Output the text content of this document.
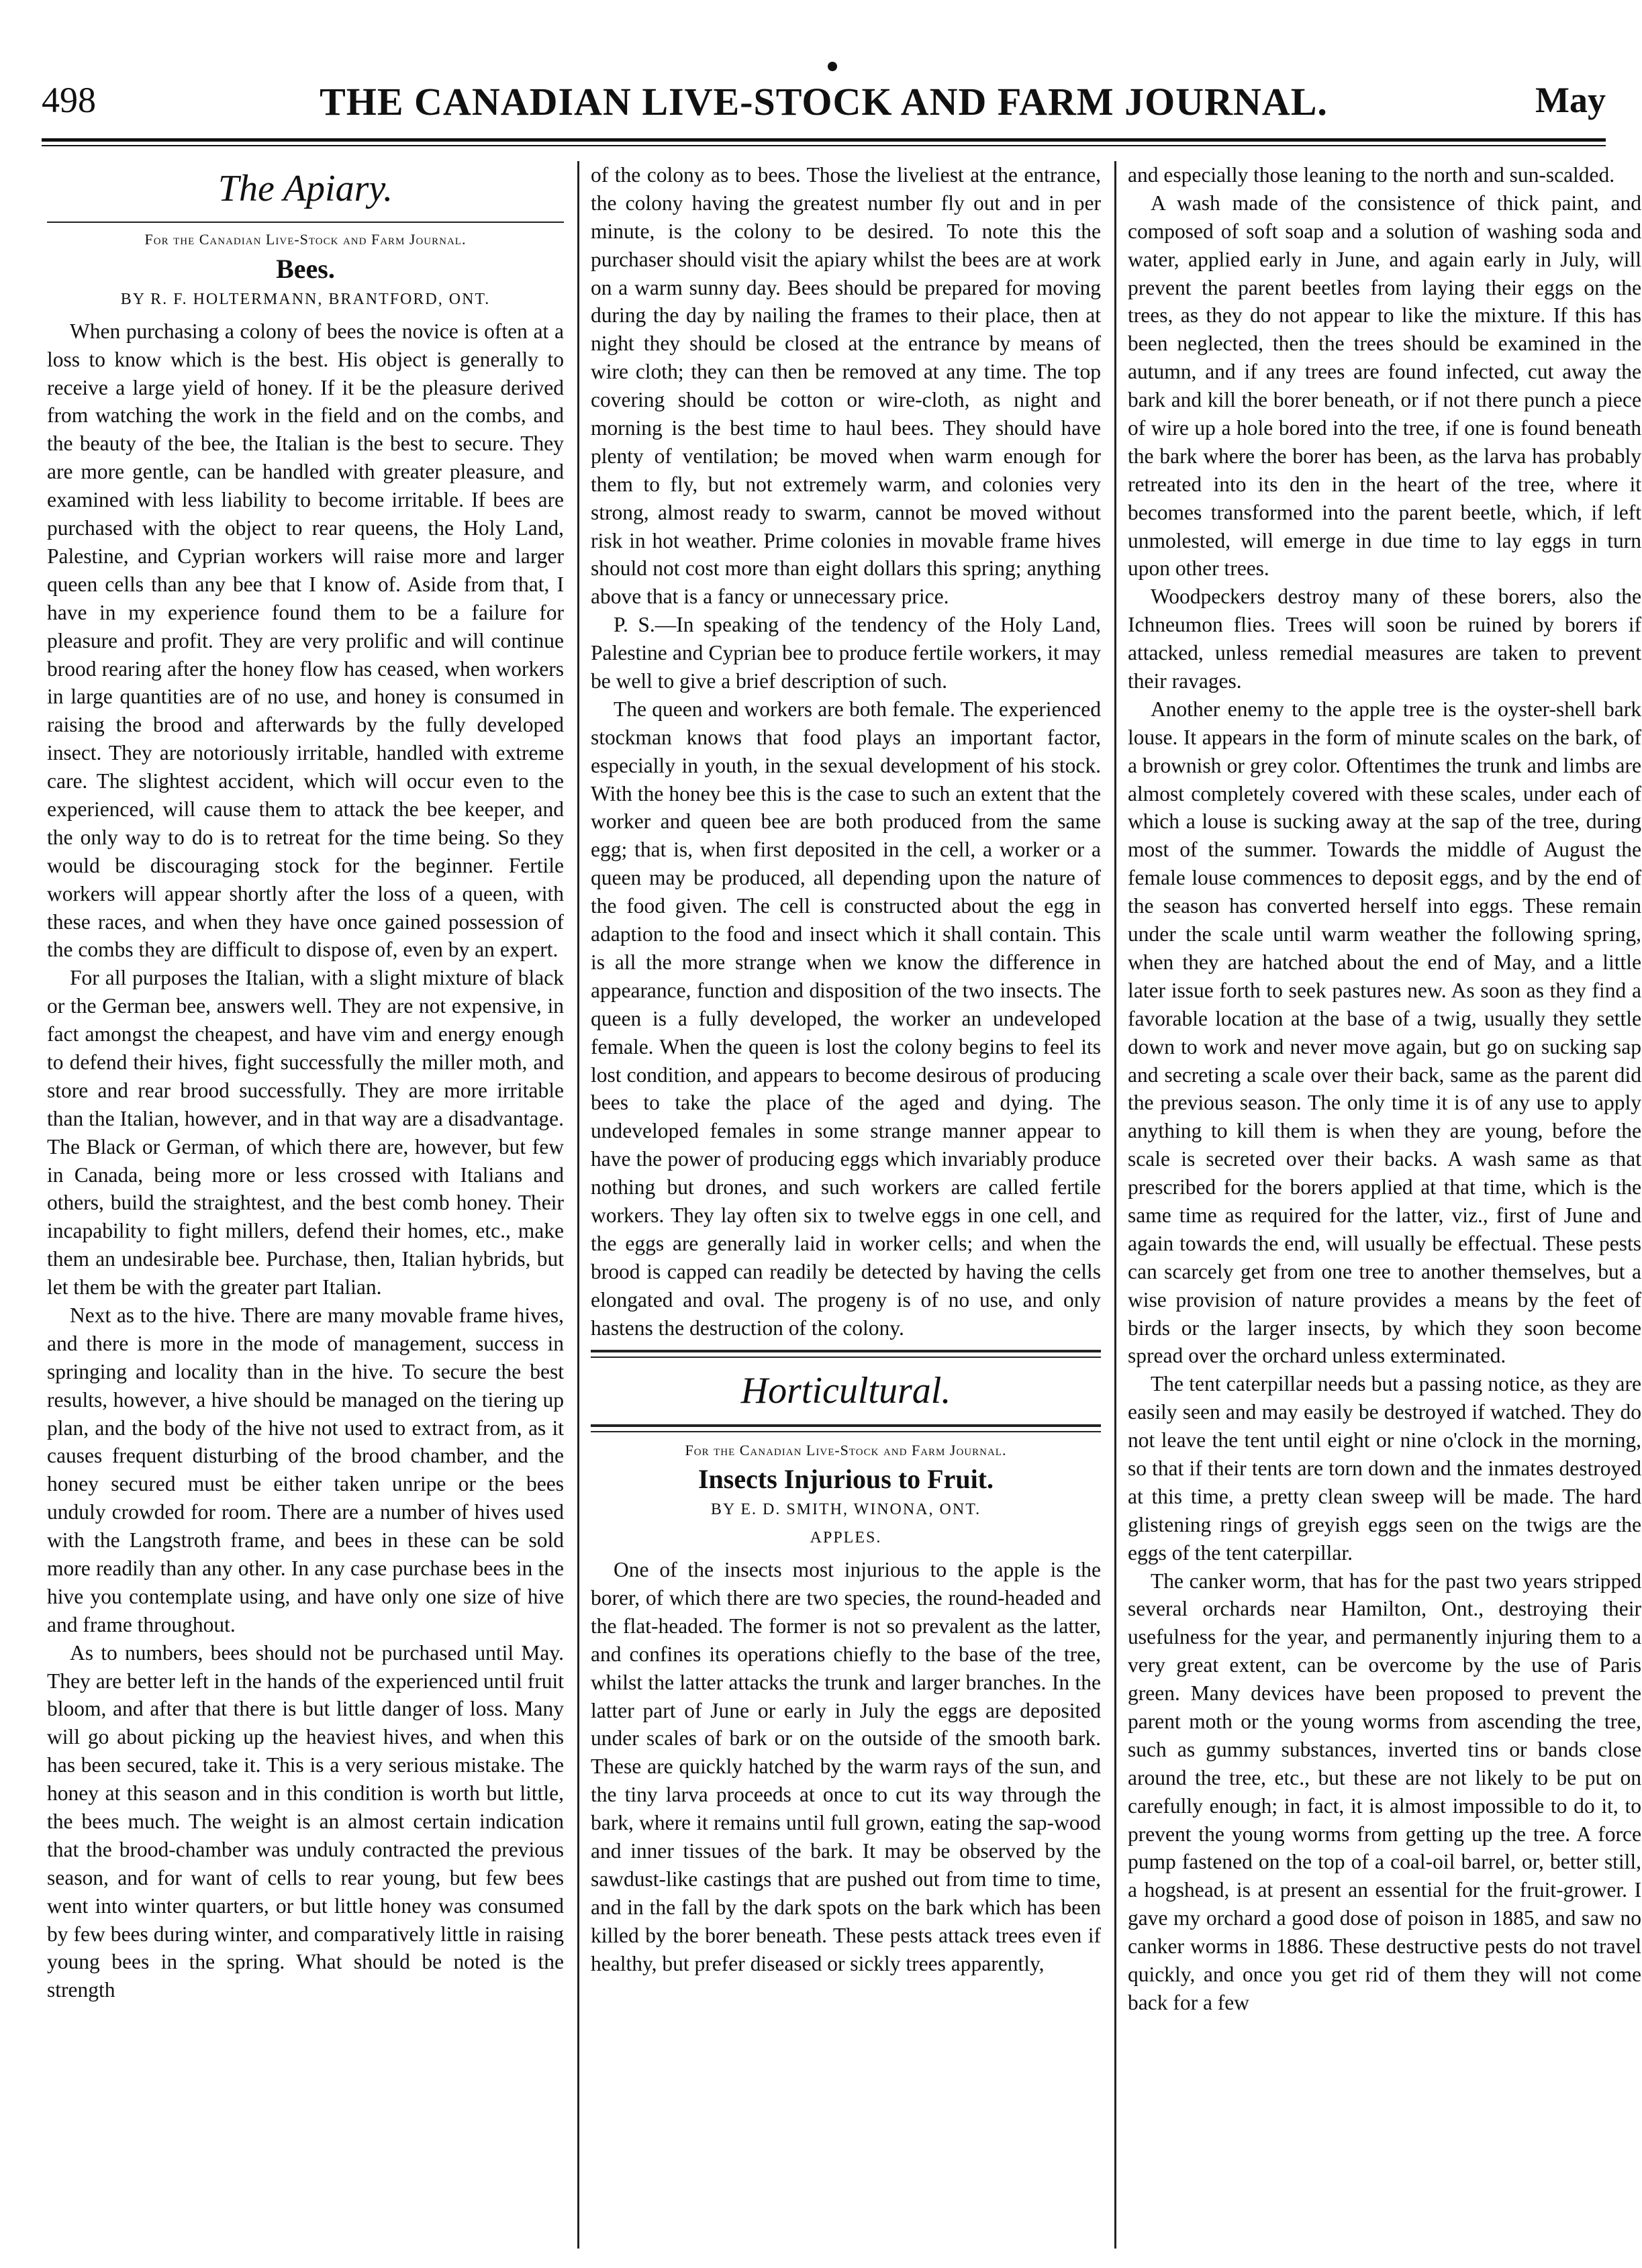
498	THE CANADIAN LIVE-STOCK AND FARM JOURNAL.	May
The Apiary.
For the Canadian Live-Stock and Farm Journal.
Bees.
BY R. F. HOLTERMANN, BRANTFORD, ONT.

When purchasing a colony of bees the novice is often at a loss to know which is the best. His object is generally to receive a large yield of honey. If it be the pleasure derived from watching the work in the field and on the combs, and the beauty of the bee, the Italian is the best to secure. They are more gentle, can be handled with greater pleasure, and examined with less liability to become irritable. If bees are purchased with the object to rear queens, the Holy Land, Palestine, and Cyprian workers will raise more and larger queen cells than any bee that I know of. Aside from that, I have in my experience found them to be a failure for pleasure and profit. They are very prolific and will continue brood rearing after the honey flow has ceased, when workers in large quantities are of no use, and honey is consumed in raising the brood and afterwards by the fully developed insect. They are notoriously irritable, handled with extreme care. The slightest accident, which will occur even to the experienced, will cause them to attack the bee keeper, and the only way to do is to retreat for the time being. So they would be discouraging stock for the beginner. Fertile workers will appear shortly after the loss of a queen, with these races, and when they have once gained possession of the combs they are difficult to dispose of, even by an expert.

For all purposes the Italian, with a slight mixture of black or the German bee, answers well. They are not expensive, in fact amongst the cheapest, and have vim and energy enough to defend their hives, fight successfully the miller moth, and store and rear brood successfully. They are more irritable than the Italian, however, and in that way are a disadvantage. The Black or German, of which there are, however, but few in Canada, being more or less crossed with Italians and others, build the straightest, and the best comb honey. Their incapability to fight millers, defend their homes, etc., make them an undesirable bee. Purchase, then, Italian hybrids, but let them be with the greater part Italian.

Next as to the hive. There are many movable frame hives, and there is more in the mode of management, success in springing and locality than in the hive. To secure the best results, however, a hive should be managed on the tiering up plan, and the body of the hive not used to extract from, as it causes frequent disturbing of the brood chamber, and the honey secured must be either taken unripe or the bees unduly crowded for room. There are a number of hives used with the Langstroth frame, and bees in these can be sold more readily than any other. In any case purchase bees in the hive you contemplate using, and have only one size of hive and frame throughout.

As to numbers, bees should not be purchased until May. They are better left in the hands of the experienced until fruit bloom, and after that there is but little danger of loss. Many will go about picking up the heaviest hives, and when this has been secured, take it. This is a very serious mistake. The honey at this season and in this condition is worth but little, the bees much. The weight is an almost certain indication that the brood-chamber was unduly contracted the previous season, and for want of cells to rear young, but few bees went into winter quarters, or but little honey was consumed by few bees during winter, and comparatively little in raising young bees in the spring. What should be noted is the strength

of the colony as to bees. Those the liveliest at the entrance, the colony having the greatest number fly out and in per minute, is the colony to be desired. To note this the purchaser should visit the apiary whilst the bees are at work on a warm sunny day. Bees should be prepared for moving during the day by nailing the frames to their place, then at night they should be closed at the entrance by means of wire cloth; they can then be removed at any time. The top covering should be cotton or wire-cloth, as night and morning is the best time to haul bees. They should have plenty of ventilation; be moved when warm enough for them to fly, but not extremely warm, and colonies very strong, almost ready to swarm, cannot be moved without risk in hot weather. Prime colonies in movable frame hives should not cost more than eight dollars this spring; anything above that is a fancy or unnecessary price.

P. S.—In speaking of the tendency of the Holy Land, Palestine and Cyprian bee to produce fertile workers, it may be well to give a brief description of such.

The queen and workers are both female. The experienced stockman knows that food plays an important factor, especially in youth, in the sexual development of his stock. With the honey bee this is the case to such an extent that the worker and queen bee are both produced from the same egg; that is, when first deposited in the cell, a worker or a queen may be produced, all depending upon the nature of the food given. The cell is constructed about the egg in adaption to the food and insect which it shall contain. This is all the more strange when we know the difference in appearance, function and disposition of the two insects. The queen is a fully developed, the worker an undeveloped female. When the queen is lost the colony begins to feel its lost condition, and appears to become desirous of producing bees to take the place of the aged and dying. The undeveloped females in some strange manner appear to have the power of producing eggs which invariably produce nothing but drones, and such workers are called fertile workers. They lay often six to twelve eggs in one cell, and the eggs are generally laid in worker cells; and when the brood is capped can readily be detected by having the cells elongated and oval. The progeny is of no use, and only hastens the destruction of the colony.

Horticultural.
For the Canadian Live-Stock and Farm Journal.
Insects Injurious to Fruit.
BY E. D. SMITH, WINONA, ONT.
APPLES.

One of the insects most injurious to the apple is the borer, of which there are two species, the round-headed and the flat-headed. The former is not so prevalent as the latter, and confines its operations chiefly to the base of the tree, whilst the latter attacks the trunk and larger branches. In the latter part of June or early in July the eggs are deposited under scales of bark or on the outside of the smooth bark. These are quickly hatched by the warm rays of the sun, and the tiny larva proceeds at once to cut its way through the bark, where it remains until full grown, eating the sap-wood and inner tissues of the bark. It may be observed by the sawdust-like castings that are pushed out from time to time, and in the fall by the dark spots on the bark which has been killed by the borer beneath. These pests attack trees even if healthy, but prefer diseased or sickly trees apparently,

and especially those leaning to the north and sun-scalded.

A wash made of the consistence of thick paint, and composed of soft soap and a solution of washing soda and water, applied early in June, and again early in July, will prevent the parent beetles from laying their eggs on the trees, as they do not appear to like the mixture. If this has been neglected, then the trees should be examined in the autumn, and if any trees are found infected, cut away the bark and kill the borer beneath, or if not there punch a piece of wire up a hole bored into the tree, if one is found beneath the bark where the borer has been, as the larva has probably retreated into its den in the heart of the tree, where it becomes transformed into the parent beetle, which, if left unmolested, will emerge in due time to lay eggs in turn upon other trees.

Woodpeckers destroy many of these borers, also the Ichneumon flies. Trees will soon be ruined by borers if attacked, unless remedial measures are taken to prevent their ravages.

Another enemy to the apple tree is the oyster-shell bark louse. It appears in the form of minute scales on the bark, of a brownish or grey color. Oftentimes the trunk and limbs are almost completely covered with these scales, under each of which a louse is sucking away at the sap of the tree, during most of the summer. Towards the middle of August the female louse commences to deposit eggs, and by the end of the season has converted herself into eggs. These remain under the scale until warm weather the following spring, when they are hatched about the end of May, and a little later issue forth to seek pastures new. As soon as they find a favorable location at the base of a twig, usually they settle down to work and never move again, but go on sucking sap and secreting a scale over their back, same as the parent did the previous season. The only time it is of any use to apply anything to kill them is when they are young, before the scale is secreted over their backs. A wash same as that prescribed for the borers applied at that time, which is the same time as required for the latter, viz., first of June and again towards the end, will usually be effectual. These pests can scarcely get from one tree to another themselves, but a wise provision of nature provides a means by the feet of birds or the larger insects, by which they soon become spread over the orchard unless exterminated.

The tent caterpillar needs but a passing notice, as they are easily seen and may easily be destroyed if watched. They do not leave the tent until eight or nine o'clock in the morning, so that if their tents are torn down and the inmates destroyed at this time, a pretty clean sweep will be made. The hard glistening rings of greyish eggs seen on the twigs are the eggs of the tent caterpillar.

The canker worm, that has for the past two years stripped several orchards near Hamilton, Ont., destroying their usefulness for the year, and permanently injuring them to a very great extent, can be overcome by the use of Paris green. Many devices have been proposed to prevent the parent moth or the young worms from ascending the tree, such as gummy substances, inverted tins or bands close around the tree, etc., but these are not likely to be put on carefully enough; in fact, it is almost impossible to do it, to prevent the young worms from getting up the tree. A force pump fastened on the top of a coal-oil barrel, or, better still, a hogshead, is at present an essential for the fruit-grower. I gave my orchard a good dose of poison in 1885, and saw no canker worms in 1886. These destructive pests do not travel quickly, and once you get rid of them they will not come back for a few
